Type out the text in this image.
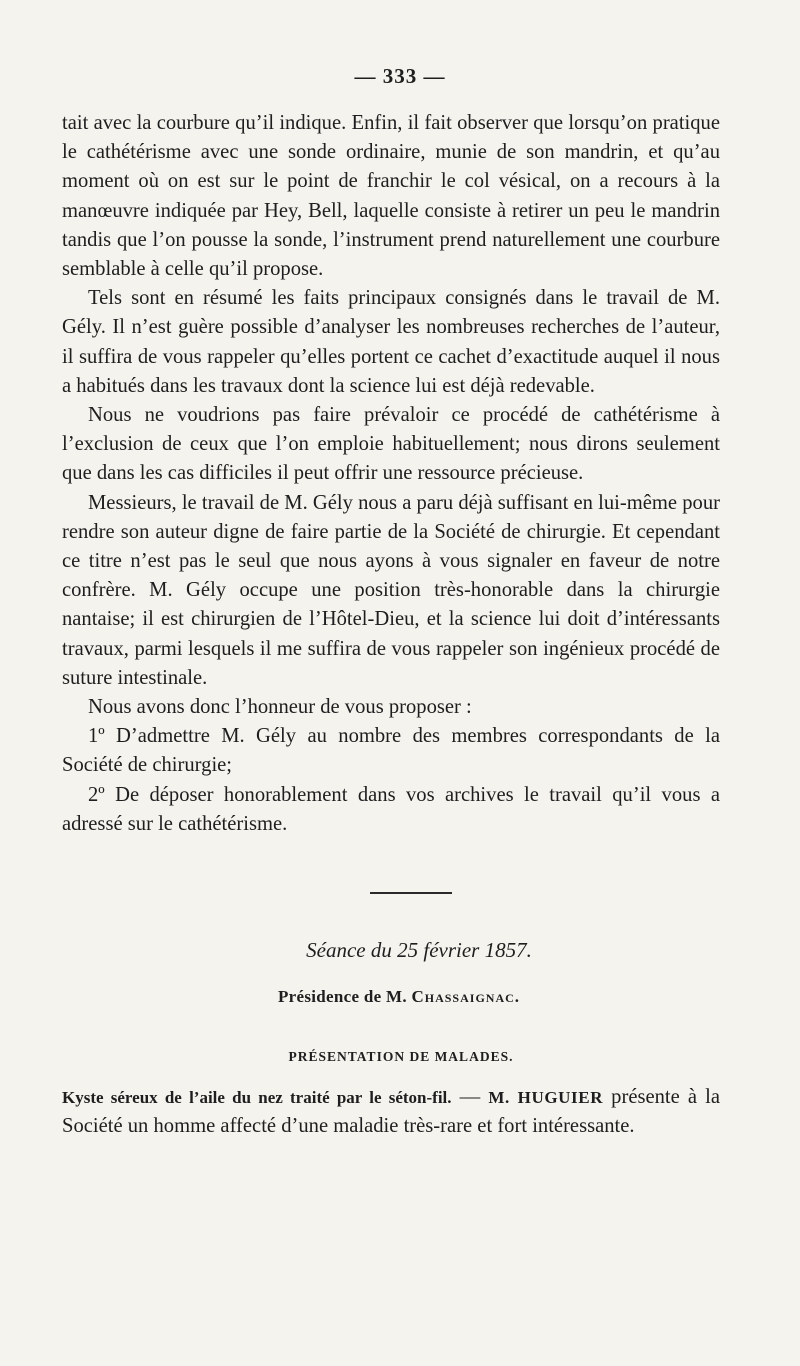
— 333 —

tait avec la courbure qu’il indique. Enfin, il fait observer que lorsqu’on pratique le cathétérisme avec une sonde ordinaire, munie de son mandrin, et qu’au moment où on est sur le point de franchir le col vésical, on a recours à la manœuvre indiquée par Hey, Bell, laquelle consiste à retirer un peu le mandrin tandis que l’on pousse la sonde, l’instrument prend naturellement une courbure semblable à celle qu’il propose.

Tels sont en résumé les faits principaux consignés dans le travail de M. Gély. Il n’est guère possible d’analyser les nombreuses recherches de l’auteur, il suffira de vous rappeler qu’elles portent ce cachet d’exactitude auquel il nous a habitués dans les travaux dont la science lui est déjà redevable.

Nous ne voudrions pas faire prévaloir ce procédé de cathétérisme à l’exclusion de ceux que l’on emploie habituellement; nous dirons seulement que dans les cas difficiles il peut offrir une ressource précieuse.

Messieurs, le travail de M. Gély nous a paru déjà suffisant en lui-même pour rendre son auteur digne de faire partie de la Société de chirurgie. Et cependant ce titre n’est pas le seul que nous ayons à vous signaler en faveur de notre confrère. M. Gély occupe une position très-honorable dans la chirurgie nantaise; il est chirurgien de l’Hôtel-Dieu, et la science lui doit d’intéressants travaux, parmi lesquels il me suffira de vous rappeler son ingénieux procédé de suture intestinale.

Nous avons donc l’honneur de vous proposer :

1º D’admettre M. Gély au nombre des membres correspondants de la Société de chirurgie;

2º De déposer honorablement dans vos archives le travail qu’il vous a adressé sur le cathétérisme.

Séance du 25 février 1857.
Présidence de M. Chassaignac.
PRÉSENTATION DE MALADES.

Kyste séreux de l’aile du nez traité par le séton-fil. — M. HUGUIER présente à la Société un homme affecté d’une maladie très-rare et fort intéressante.
